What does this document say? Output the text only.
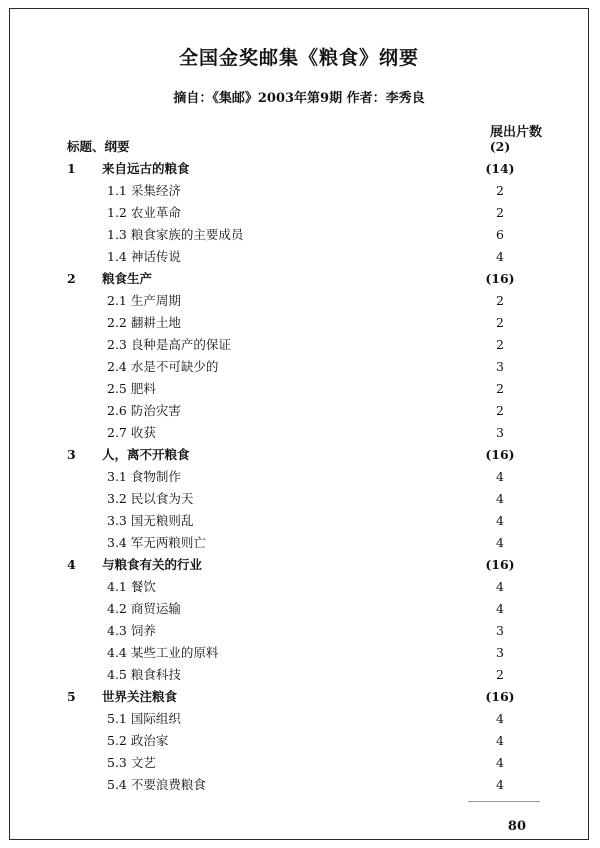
全国金奖邮集《粮食》纲要
摘自：《集邮》2003年第9期 作者：李秀良
展出片数
标题、纲要	(2)
1 来自远古的粮食	(14)
1.1 采集经济	2
1.2 农业革命	2
1.3 粮食家族的主要成员	6
1.4 神话传说	4
2 粮食生产	(16)
2.1 生产周期	2
2.2 翻耕土地	2
2.3 良种是高产的保证	2
2.4 水是不可缺少的	3
2.5 肥料	2
2.6 防治灾害	2
2.7 收获	3
3 人，离不开粮食	(16)
3.1 食物制作	4
3.2 民以食为天	4
3.3 国无粮则乱	4
3.4 军无两粮则亡	4
4 与粮食有关的行业	(16)
4.1 餐饮	4
4.2 商贸运输	4
4.3 饲养	3
4.4 某些工业的原料	3
4.5 粮食科技	2
5 世界关注粮食	(16)
5.1 国际组织	4
5.2 政治家	4
5.3 文艺	4
5.4 不要浪费粮食	4
80
